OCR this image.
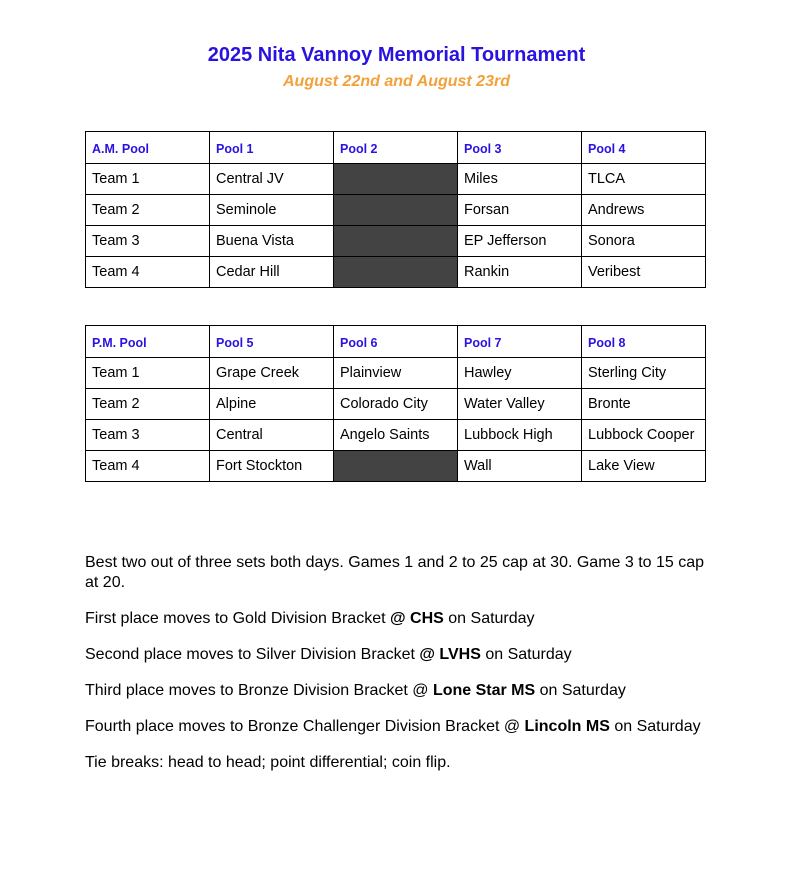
2025 Nita Vannoy Memorial Tournament
August 22nd and August 23rd
A.M. Pool	Pool 1	Pool 2	Pool 3	Pool 4
Team 1	Central JV		Miles	TLCA
Team 2	Seminole		Forsan	Andrews
Team 3	Buena Vista		EP Jefferson	Sonora
Team 4	Cedar Hill		Rankin	Veribest
P.M. Pool	Pool 5	Pool 6	Pool 7	Pool 8
Team 1	Grape Creek	Plainview	Hawley	Sterling City
Team 2	Alpine	Colorado City	Water Valley	Bronte
Team 3	Central	Angelo Saints	Lubbock High	Lubbock Cooper
Team 4	Fort Stockton		Wall	Lake View

Best two out of three sets both days. Games 1 and 2 to 25 cap at 30. Game 3 to 15 cap at 20.

First place moves to Gold Division Bracket @ CHS on Saturday

Second place moves to Silver Division Bracket @ LVHS on Saturday

Third place moves to Bronze Division Bracket @ Lone Star MS on Saturday

Fourth place moves to Bronze Challenger Division Bracket @ Lincoln MS on Saturday

Tie breaks: head to head; point differential; coin flip.
